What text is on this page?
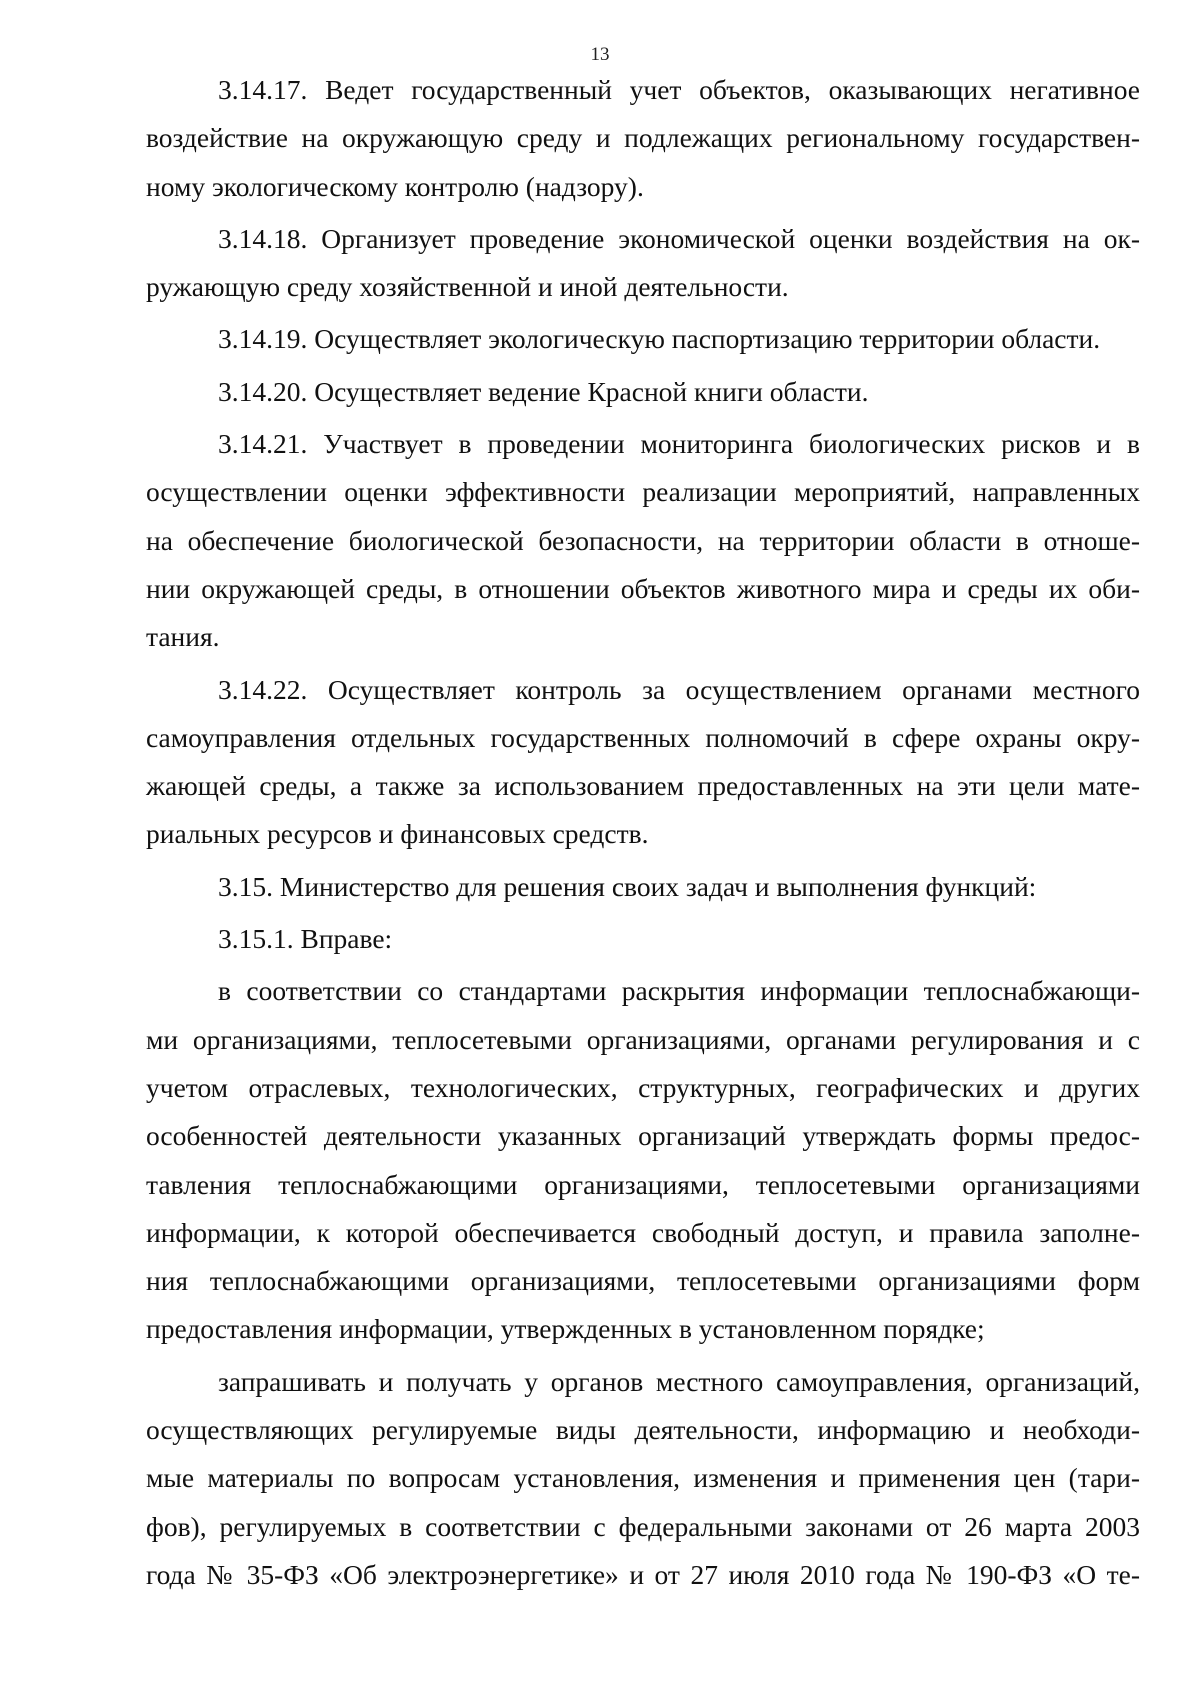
13
3.14.17. Ведет государственный учет объектов, оказывающих негативное
воздействие на окружающую среду и подлежащих региональному государствен-
ному экологическому контролю (надзору).
3.14.18. Организует проведение экономической оценки воздействия на ок-
ружающую среду хозяйственной и иной деятельности.
3.14.19. Осуществляет экологическую паспортизацию территории области.
3.14.20. Осуществляет ведение Красной книги области.
3.14.21. Участвует в проведении мониторинга биологических рисков и в
осуществлении оценки эффективности реализации мероприятий, направленных
на обеспечение биологической безопасности, на территории области в отноше-
нии окружающей среды, в отношении объектов животного мира и среды их оби-
тания.
3.14.22. Осуществляет контроль за осуществлением органами местного
самоуправления отдельных государственных полномочий в сфере охраны окру-
жающей среды, а также за использованием предоставленных на эти цели мате-
риальных ресурсов и финансовых средств.
3.15. Министерство для решения своих задач и выполнения функций:
3.15.1. Вправе:
в соответствии со стандартами раскрытия информации теплоснабжающи-
ми организациями, теплосетевыми организациями, органами регулирования и с
учетом отраслевых, технологических, структурных, географических и других
особенностей деятельности указанных организаций утверждать формы предос-
тавления теплоснабжающими организациями, теплосетевыми организациями
информации, к которой обеспечивается свободный доступ, и правила заполне-
ния теплоснабжающими организациями, теплосетевыми организациями форм
предоставления информации, утвержденных в установленном порядке;
запрашивать и получать у органов местного самоуправления, организаций,
осуществляющих регулируемые виды деятельности, информацию и необходи-
мые материалы по вопросам установления, изменения и применения цен (тари-
фов), регулируемых в соответствии с федеральными законами от 26 марта 2003
года № 35-ФЗ «Об электроэнергетике» и от 27 июля 2010 года № 190-ФЗ «О те-
